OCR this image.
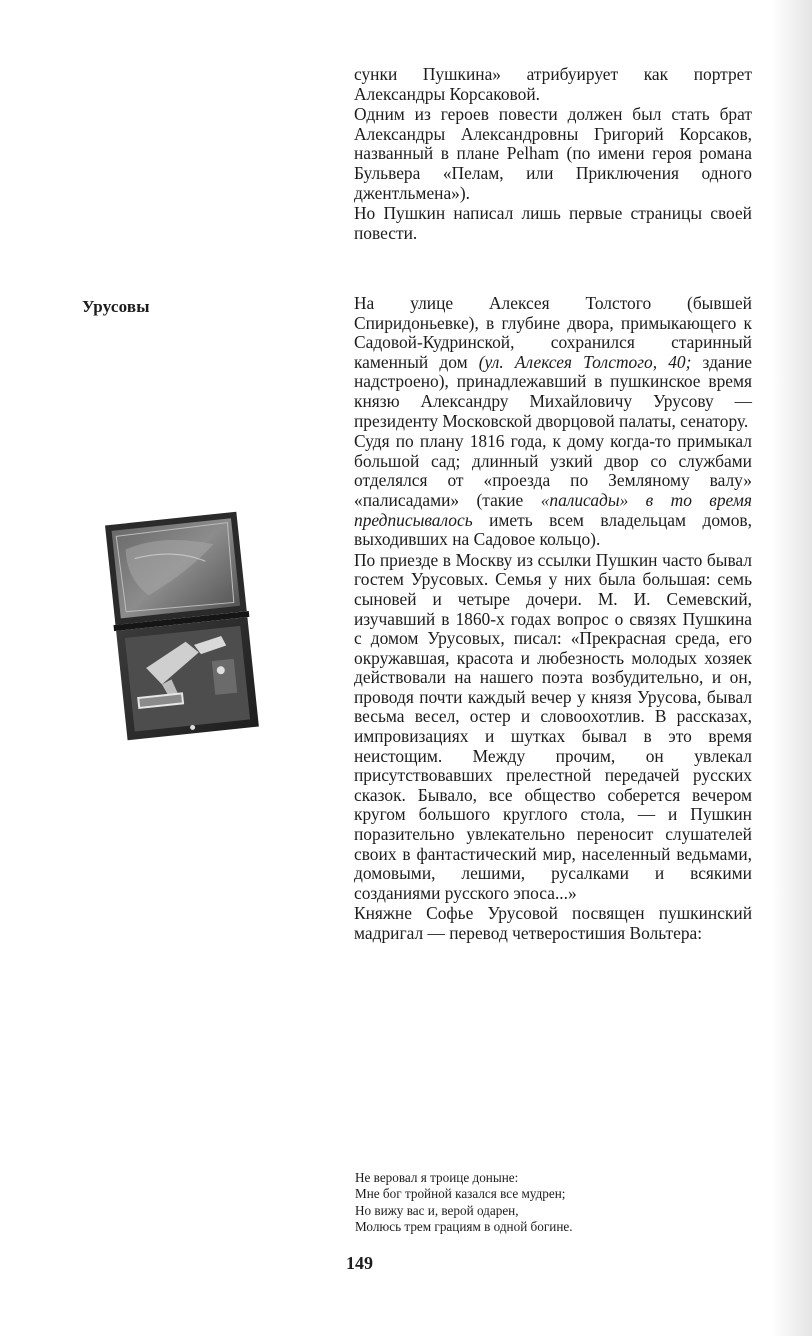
сунки Пушкина» атрибуирует как портрет Александры Корсаковой.

Одним из героев повести должен был стать брат Александры Александровны Григорий Корсаков, названный в плане Pelham (по имени героя романа Бульвера «Пелам, или Приключения одного джентльмена»).

Но Пушкин написал лишь первые страницы своей повести.

Урусовы	На улице Алексея Толстого (бывшей Спиридоньевке), в глубине двора, примыкающего к Садовой-Кудринской, сохранился старинный каменный дом (ул. Алексея Толстого, 40; здание надстроено), принадлежавший в пушкинское время князю Александру Михайловичу Урусову — президенту Московской дворцовой палаты, сенатору.

Судя по плану 1816 года, к дому когда-то примыкал большой сад; длинный узкий двор со службами отделялся от «проезда по Земляному валу» «палисадами» (такие «палисады» в то время предписывалось иметь всем владельцам домов, выходивших на Садовое кольцо).

По приезде в Москву из ссылки Пушкин часто бывал гостем Урусовых. Семья у них была большая: семь сыновей и четыре дочери. М. И. Семевский, изучавший в 1860-х годах вопрос о связях Пушкина с домом Урусовых, писал: «Прекрасная среда, его окружавшая, красота и любезность молодых хозяек действовали на нашего поэта возбудительно, и он, проводя почти каждый вечер у князя Урусова, бывал весьма весел, остер и словоохотлив. В рассказах, импровизациях и шутках бывал в это время неистощим. Между прочим, он увлекал присутствовавших прелестной передачей русских сказок. Бывало, все общество соберется вечером кругом большого круглого стола, — и Пушкин поразительно увлекательно переносит слушателей своих в фантастический мир, населенный ведьмами, домовыми, лешими, русалками и всякими созданиями русского эпоса...»

Княжне Софье Урусовой посвящен пушкинский мадригал — перевод четверостишия Вольтера:

Не веровал я троице доныне:
Мне бог тройной казался все мудрен;
Но вижу вас и, верой одарен,
Молюсь трем грациям в одной богине.
149
